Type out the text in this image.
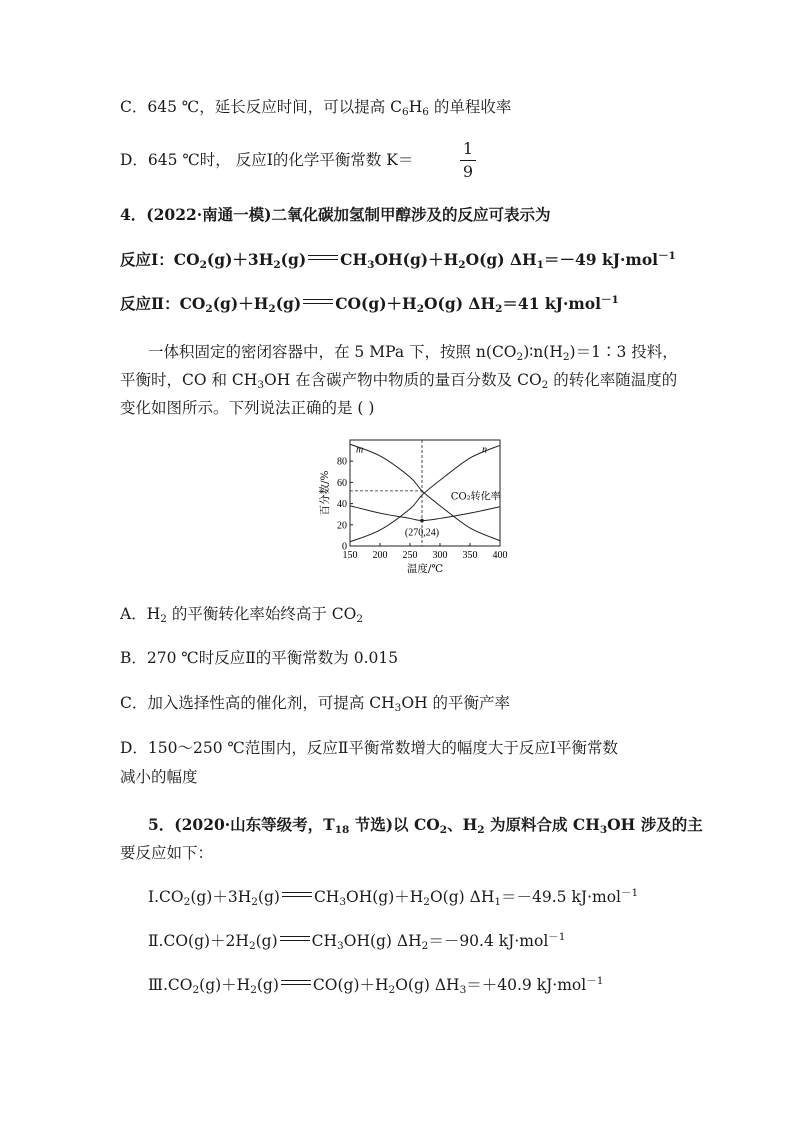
C．645 ℃，延长反应时间，可以提高 $C_6H_6$ 的单程收率
D．645 ℃时， 反应Ⅰ的化学平衡常数 K＝
1
9
4．(2022·南通一模)二氧化碳加氢制甲醇涉及的反应可表示为
反应Ⅰ：$CO_2(g)+3H_2(g)$ $CH_3OH(g)+H_2O(g)$ $\Delta H_1=-49$ kJ·mol$^{-1}$
反应Ⅱ：$CO_2(g)+H_2(g)$ $CO(g)+H_2O(g)$ $\Delta H_2=41$ kJ·mol$^{-1}$
一体积固定的密闭容器中，在 5 MPa 下，按照 $n(CO_2)∶n(H_2)=1∶3$ 投料，
平衡时，CO 和 $CH_3OH$ 在含碳产物中物质的量百分数及 $CO_2$ 的转化率随温度的
变化如图所示。下列说法正确的是 ( )
150 200 250 300 350 400
0
20
40
60
80
温度/℃
百分数/%
m	n
CO₂转化率
(270,24)
A．$H_2$ 的平衡转化率始终高于 $CO_2$
B．270 ℃时反应Ⅱ的平衡常数为 0.015
C．加入选择性高的催化剂，可提高 $CH_3OH$ 的平衡产率
D．150～250 ℃范围内，反应Ⅱ平衡常数增大的幅度大于反应Ⅰ平衡常数
减小的幅度
5．(2020·山东等级考，$T_{18}$ 节选)以 $CO_2$、$H_2$ 为原料合成 $CH_3OH$ 涉及的主
要反应如下：
$Ⅰ.CO_2(g)+3H_2(g)$ $CH_3OH(g)+H_2O(g)$ $\Delta H_1=-49.5$ kJ·mol$^{-1}$
$Ⅱ.CO(g)+2H_2(g)$ $CH_3OH(g)$ $\Delta H_2=-90.4$ kJ·mol$^{-1}$
$Ⅲ.CO_2(g)+H_2(g)$ $CO(g)+H_2O(g)$ $\Delta H_3=+40.9$ kJ·mol$^{-1}$
